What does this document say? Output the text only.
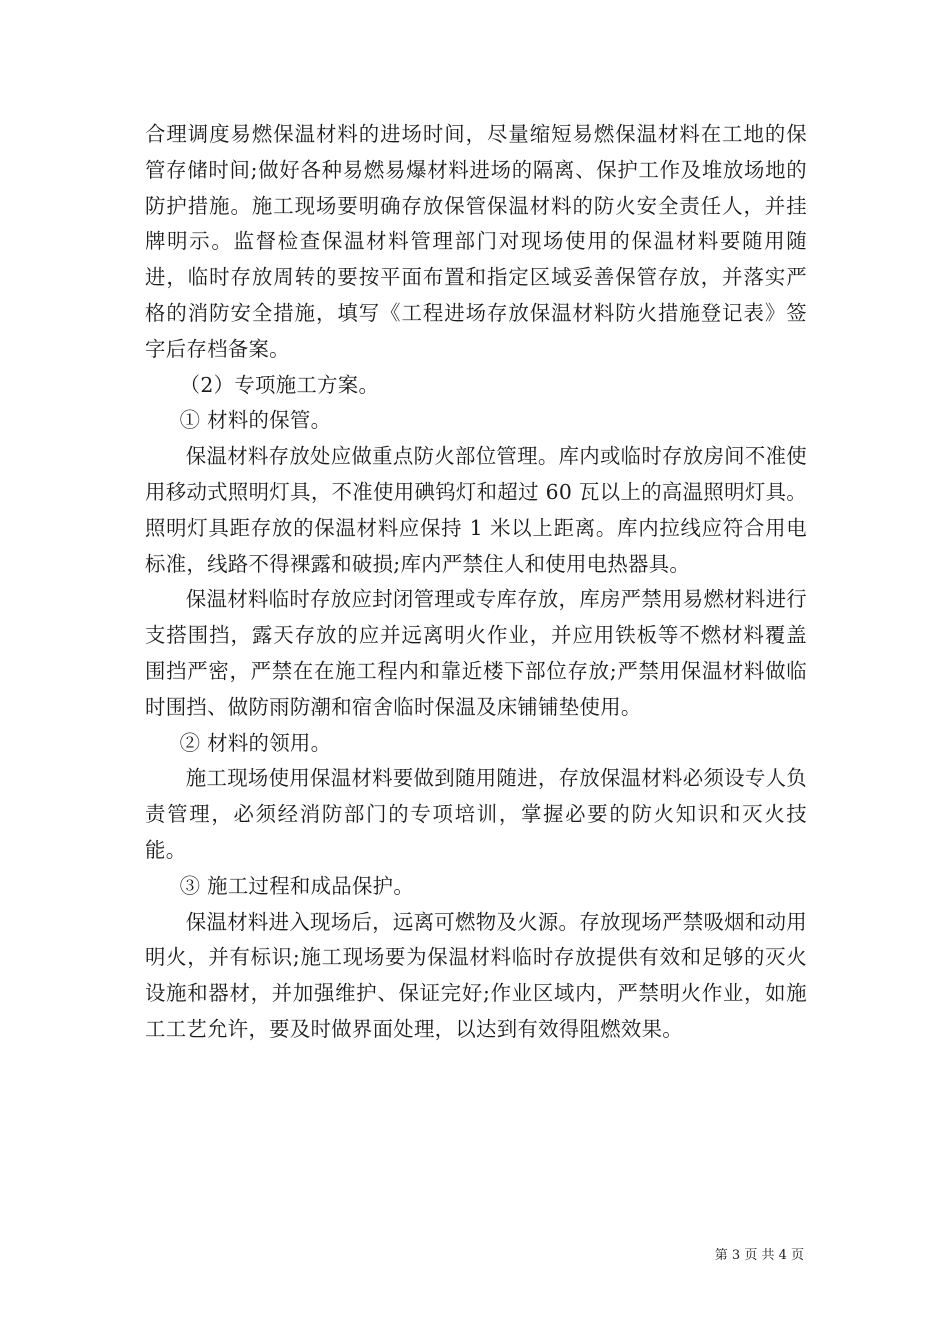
合理调度易燃保温材料的进场时间，尽量缩短易燃保温材料在工地的保管存储时间;做好各种易燃易爆材料进场的隔离、保护工作及堆放场地的防护措施。施工现场要明确存放保管保温材料的防火安全责任人，并挂牌明示。监督检查保温材料管理部门对现场使用的保温材料要随用随进，临时存放周转的要按平面布置和指定区域妥善保管存放，并落实严格的消防安全措施，填写《工程进场存放保温材料防火措施登记表》签字后存档备案。

（2）专项施工方案。

① 材料的保管。

保温材料存放处应做重点防火部位管理。库内或临时存放房间不准使用移动式照明灯具，不准使用碘钨灯和超过 60 瓦以上的高温照明灯具。照明灯具距存放的保温材料应保持 1 米以上距离。库内拉线应符合用电标准，线路不得裸露和破损;库内严禁住人和使用电热器具。

保温材料临时存放应封闭管理或专库存放，库房严禁用易燃材料进行支搭围挡，露天存放的应并远离明火作业，并应用铁板等不燃材料覆盖围挡严密，严禁在在施工程内和靠近楼下部位存放;严禁用保温材料做临时围挡、做防雨防潮和宿舍临时保温及床铺铺垫使用。

② 材料的领用。

施工现场使用保温材料要做到随用随进，存放保温材料必须设专人负责管理，必须经消防部门的专项培训，掌握必要的防火知识和灭火技能。

③ 施工过程和成品保护。

保温材料进入现场后，远离可燃物及火源。存放现场严禁吸烟和动用明火，并有标识;施工现场要为保温材料临时存放提供有效和足够的灭火设施和器材，并加强维护、保证完好;作业区域内，严禁明火作业，如施工工艺允许，要及时做界面处理，以达到有效得阻燃效果。

第 3 页 共 4 页
